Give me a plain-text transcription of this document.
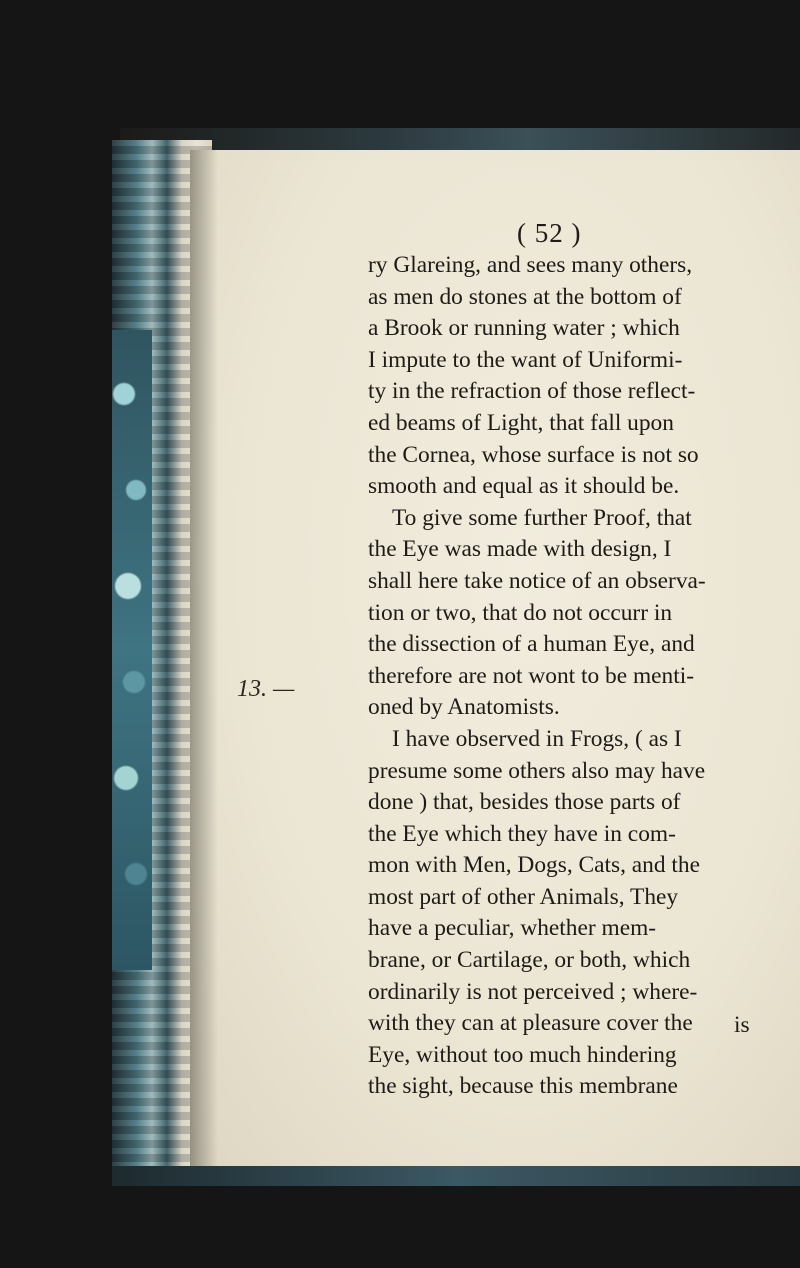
( 52 )
13. —
ry Glareing, and sees many others,
as men do stones at the bottom of
a Brook or running water ; which
I impute to the want of Uniformi-
ty in the refraction of those reflect-
ed beams of Light, that fall upon
the Cornea, whose surface is not so
smooth and equal as it should be.
To give some further Proof, that
the Eye was made with design, I
shall here take notice of an observa-
tion or two, that do not occurr in
the dissection of a human Eye, and
therefore are not wont to be menti-
oned by Anatomists.
I have observed in Frogs, ( as I
presume some others also may have
done ) that, besides those parts of
the Eye which they have in com-
mon with Men, Dogs, Cats, and the
most part of other Animals, They
have a peculiar, whether mem-
brane, or Cartilage, or both, which
ordinarily is not perceived ; where-
with they can at pleasure cover the
Eye, without too much hindering
the sight, because this membrane
is
